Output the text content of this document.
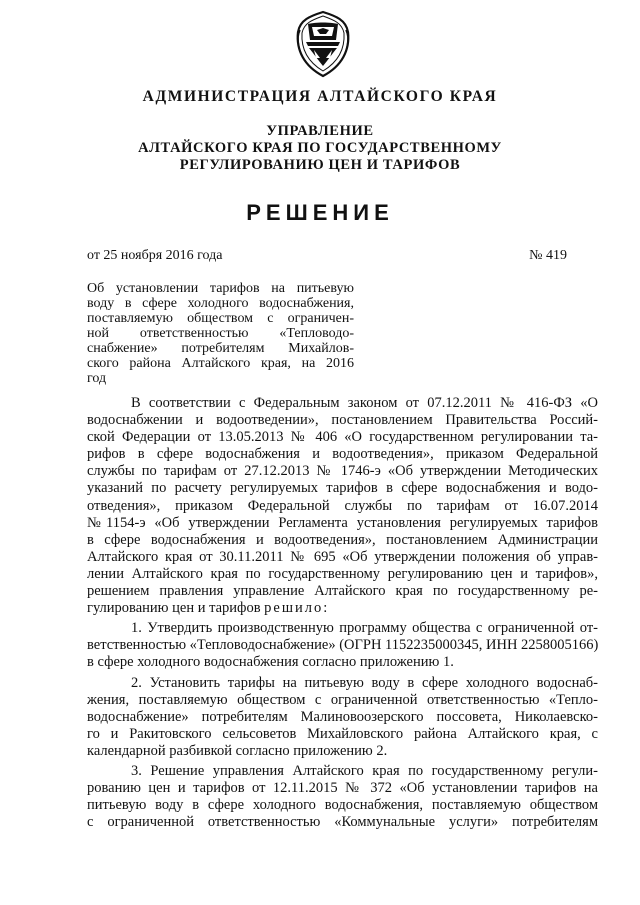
АДМИНИСТРАЦИЯ АЛТАЙСКОГО КРАЯ
УПРАВЛЕНИЕ
АЛТАЙСКОГО КРАЯ ПО ГОСУДАРСТВЕННОМУ
РЕГУЛИРОВАНИЮ ЦЕН И ТАРИФОВ
РЕШЕНИЕ
от 25 ноября 2016 года	№ 419
Об установлении тарифов на питьевую
воду в сфере холодного водоснабжения,
поставляемую обществом с ограничен-
ной ответственностью «Тепловодо-
снабжение» потребителям Михайлов-
ского района Алтайского края, на 2016
год
В соответствии с Федеральным законом от 07.12.2011 № 416-ФЗ «О
водоснабжении и водоотведении», постановлением Правительства Россий-
ской Федерации от 13.05.2013 № 406 «О государственном регулировании та-
рифов в сфере водоснабжения и водоотведения», приказом Федеральной
службы по тарифам от 27.12.2013 № 1746-э «Об утверждении Методических
указаний по расчету регулируемых тарифов в сфере водоснабжения и водо-
отведения», приказом Федеральной службы по тарифам от 16.07.2014
№1154-э «Об утверждении Регламента установления регулируемых тарифов
в сфере водоснабжения и водоотведения», постановлением Администрации
Алтайского края от 30.11.2011 № 695 «Об утверждении положения об управ-
лении Алтайского края по государственному регулированию цен и тарифов»,
решением правления управление Алтайского края по государственному ре-
гулированию цен и тарифов решило:
1. Утвердить производственную программу общества с ограниченной от-
ветственностью «Тепловодоснабжение» (ОГРН 1152235000345, ИНН 2258005166)
в сфере холодного водоснабжения согласно приложению 1.
2. Установить тарифы на питьевую воду в сфере холодного водоснаб-
жения, поставляемую обществом с ограниченной ответственностью «Тепло-
водоснабжение» потребителям Малиновоозерского поссовета, Николаевско-
го и Ракитовского сельсоветов Михайловского района Алтайского края, с
календарной разбивкой согласно приложению 2.
3. Решение управления Алтайского края по государственному регули-
рованию цен и тарифов от 12.11.2015 № 372 «Об установлении тарифов на
питьевую воду в сфере холодного водоснабжения, поставляемую обществом
с ограниченной ответственностью «Коммунальные услуги» потребителям
